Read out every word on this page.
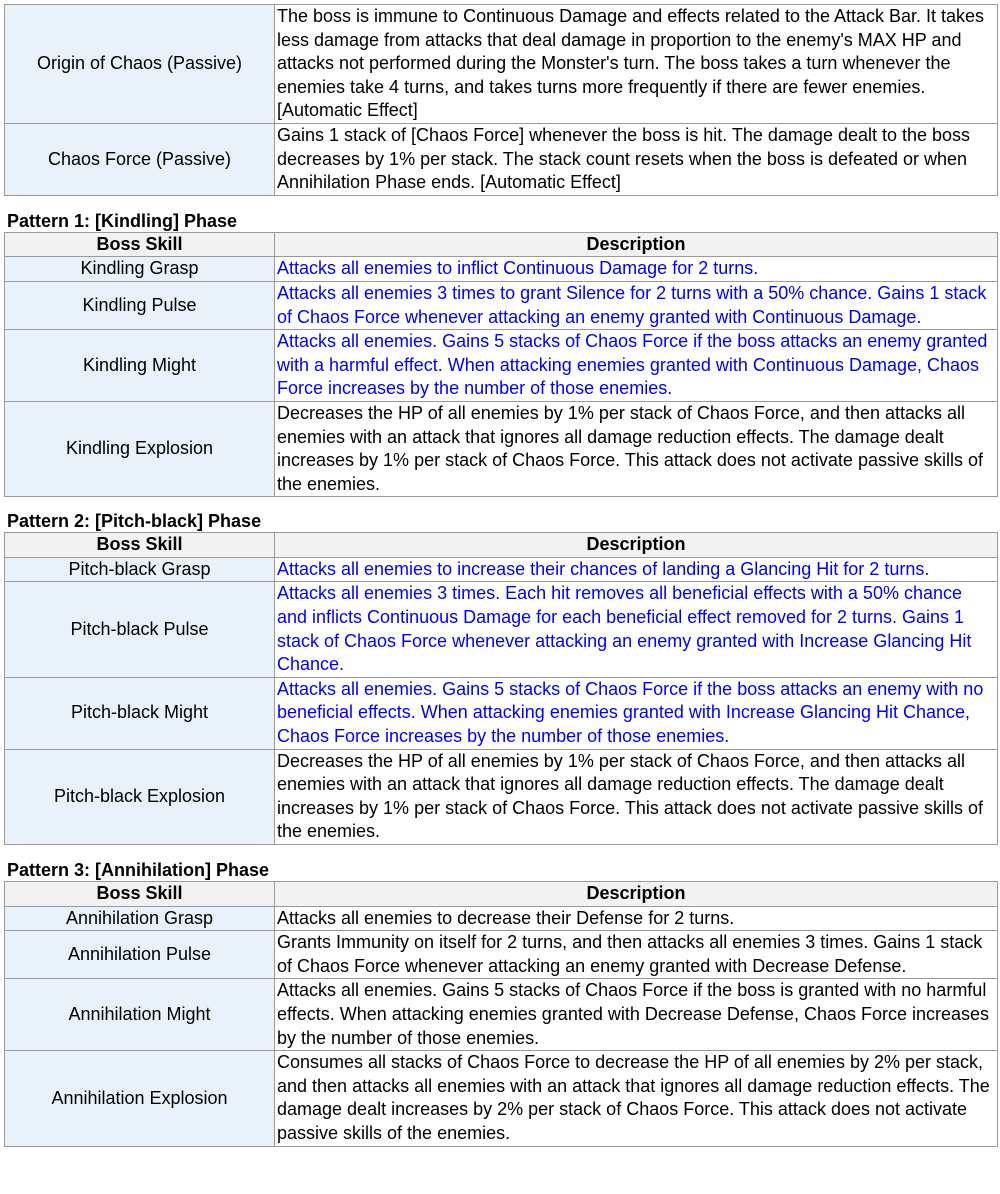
Origin of Chaos (Passive)	The boss is immune to Continuous Damage and effects related to the Attack Bar. It takes less damage from attacks that deal damage in proportion to the enemy's MAX HP and attacks not performed during the Monster's turn. The boss takes a turn whenever the enemies take 4 turns, and takes turns more frequently if there are fewer enemies. [Automatic Effect]
Chaos Force (Passive)	Gains 1 stack of [Chaos Force] whenever the boss is hit. The damage dealt to the boss decreases by 1% per stack. The stack count resets when the boss is defeated or when Annihilation Phase ends. [Automatic Effect]
Pattern 1: [Kindling] Phase
Boss Skill	Description
Kindling Grasp	Attacks all enemies to inflict Continuous Damage for 2 turns.
Kindling Pulse	Attacks all enemies 3 times to grant Silence for 2 turns with a 50% chance. Gains 1 stack of Chaos Force whenever attacking an enemy granted with Continuous Damage.
Kindling Might	Attacks all enemies. Gains 5 stacks of Chaos Force if the boss attacks an enemy granted with a harmful effect. When attacking enemies granted with Continuous Damage, Chaos Force increases by the number of those enemies.
Kindling Explosion	Decreases the HP of all enemies by 1% per stack of Chaos Force, and then attacks all enemies with an attack that ignores all damage reduction effects. The damage dealt increases by 1% per stack of Chaos Force. This attack does not activate passive skills of the enemies.
Pattern 2: [Pitch-black] Phase
Boss Skill	Description
Pitch-black Grasp	Attacks all enemies to increase their chances of landing a Glancing Hit for 2 turns.
Pitch-black Pulse	Attacks all enemies 3 times. Each hit removes all beneficial effects with a 50% chance and inflicts Continuous Damage for each beneficial effect removed for 2 turns. Gains 1 stack of Chaos Force whenever attacking an enemy granted with Increase Glancing Hit Chance.
Pitch-black Might	Attacks all enemies. Gains 5 stacks of Chaos Force if the boss attacks an enemy with no beneficial effects. When attacking enemies granted with Increase Glancing Hit Chance, Chaos Force increases by the number of those enemies.
Pitch-black Explosion	Decreases the HP of all enemies by 1% per stack of Chaos Force, and then attacks all enemies with an attack that ignores all damage reduction effects. The damage dealt increases by 1% per stack of Chaos Force. This attack does not activate passive skills of the enemies.
Pattern 3: [Annihilation] Phase
Boss Skill	Description
Annihilation Grasp	Attacks all enemies to decrease their Defense for 2 turns.
Annihilation Pulse	Grants Immunity on itself for 2 turns, and then attacks all enemies 3 times. Gains 1 stack of Chaos Force whenever attacking an enemy granted with Decrease Defense.
Annihilation Might	Attacks all enemies. Gains 5 stacks of Chaos Force if the boss is granted with no harmful effects. When attacking enemies granted with Decrease Defense, Chaos Force increases by the number of those enemies.
Annihilation Explosion	Consumes all stacks of Chaos Force to decrease the HP of all enemies by 2% per stack, and then attacks all enemies with an attack that ignores all damage reduction effects. The damage dealt increases by 2% per stack of Chaos Force. This attack does not activate passive skills of the enemies.
